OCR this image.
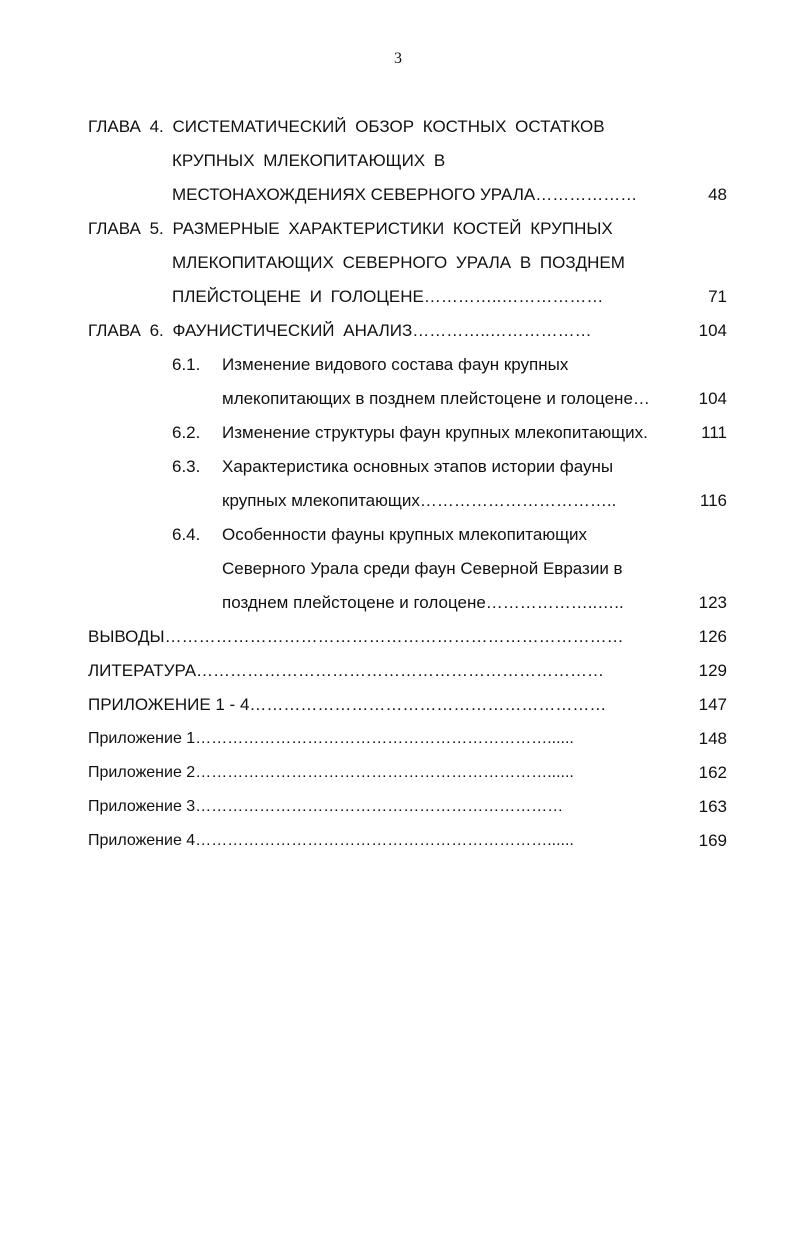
3
ГЛАВА 4. СИСТЕМАТИЧЕСКИЙ ОБЗОР КОСТНЫХ ОСТАТКОВ
КРУПНЫХ МЛЕКОПИТАЮЩИХ В
МЕСТОНАХОЖДЕНИЯХ СЕВЕРНОГО УРАЛА………………	48
ГЛАВА 5. РАЗМЕРНЫЕ ХАРАКТЕРИСТИКИ КОСТЕЙ КРУПНЫХ
МЛЕКОПИТАЮЩИХ СЕВЕРНОГО УРАЛА В ПОЗДНЕМ
ПЛЕЙСТОЦЕНЕ И ГОЛОЦЕНЕ…………..………………	71
ГЛАВА 6. ФАУНИСТИЧЕСКИЙ АНАЛИЗ…………..………………	104
6.1. Изменение видового состава фаун крупных
млекопитающих в позднем плейстоцене и голоцене…	104
6.2. Изменение структуры фаун крупных млекопитающих.	111
6.3. Характеристика основных этапов истории фауны
крупных млекопитающих……………………………..	116
6.4. Особенности фауны крупных млекопитающих
Северного Урала среди фаун Северной Евразии в
позднем плейстоцене и голоцене………………..…..	123
ВЫВОДЫ………………………………………………………………………	126
ЛИТЕРАТУРА………………………………………………………………	129
ПРИЛОЖЕНИЕ 1 - 4………………………………………………………	147
Приложение 1…………………………………………………………......	148
Приложение 2…………………………………………………………......	162
Приложение 3……………………………………………………………	163
Приложение 4…………………………………………………………......	169
